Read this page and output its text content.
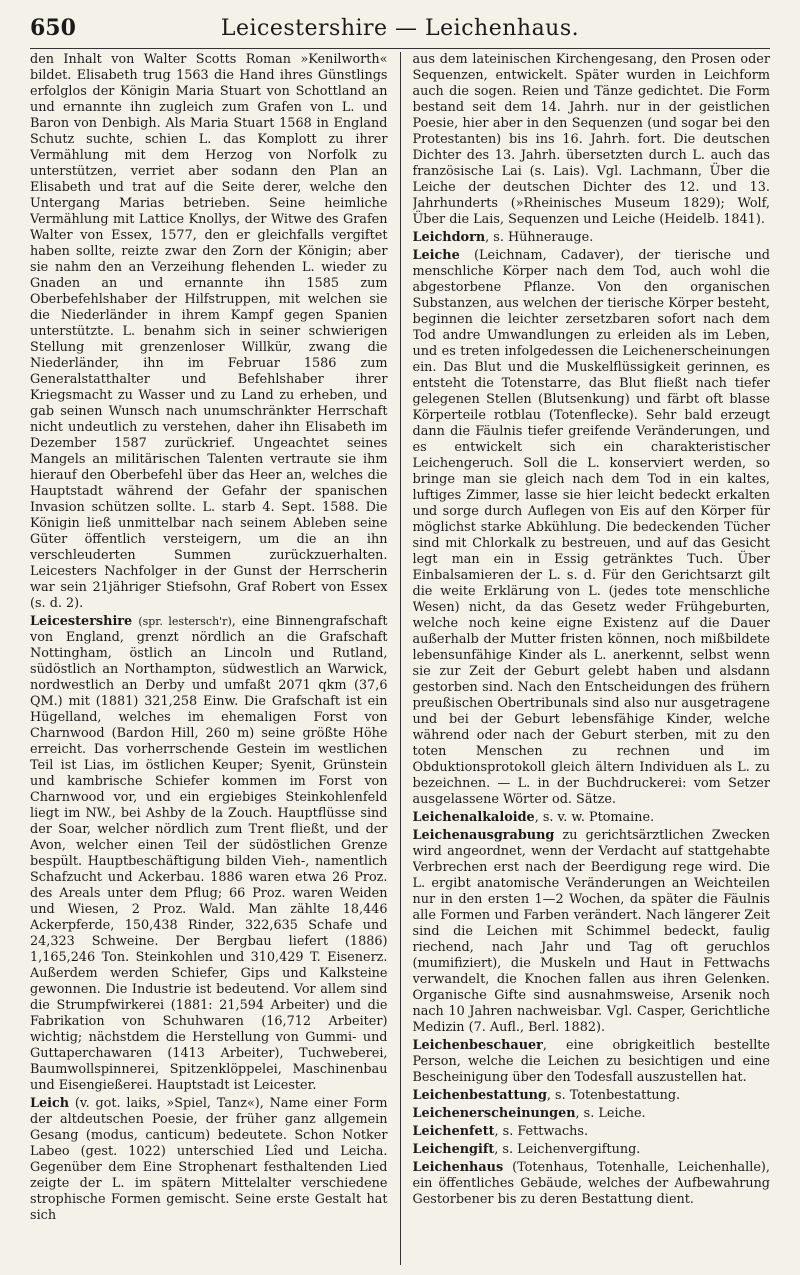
650	Leicestershire — Leichenhaus.

den Inhalt von Walter Scotts Roman »Kenilworth« bildet. Elisabeth trug 1563 die Hand ihres Günstlings erfolglos der Königin Maria Stuart von Schottland an und ernannte ihn zugleich zum Grafen von L. und Baron von Denbigh. Als Maria Stuart 1568 in England Schutz suchte, schien L. das Komplott zu ihrer Vermählung mit dem Herzog von Norfolk zu unterstützen, verriet aber sodann den Plan an Elisabeth und trat auf die Seite derer, welche den Untergang Marias betrieben. Seine heimliche Vermählung mit Lattice Knollys, der Witwe des Grafen Walter von Essex, 1577, den er gleichfalls vergiftet haben sollte, reizte zwar den Zorn der Königin; aber sie nahm den an Verzeihung flehenden L. wieder zu Gnaden an und ernannte ihn 1585 zum Oberbefehlshaber der Hilfstruppen, mit welchen sie die Niederländer in ihrem Kampf gegen Spanien unterstützte. L. benahm sich in seiner schwierigen Stellung mit grenzenloser Willkür, zwang die Niederländer, ihn im Februar 1586 zum Generalstatthalter und Befehlshaber ihrer Kriegsmacht zu Wasser und zu Land zu erheben, und gab seinen Wunsch nach unumschränkter Herrschaft nicht undeutlich zu verstehen, daher ihn Elisabeth im Dezember 1587 zurückrief. Ungeachtet seines Mangels an militärischen Talenten vertraute sie ihm hierauf den Oberbefehl über das Heer an, welches die Hauptstadt während der Gefahr der spanischen Invasion schützen sollte. L. starb 4. Sept. 1588. Die Königin ließ unmittelbar nach seinem Ableben seine Güter öffentlich versteigern, um die an ihn verschleuderten Summen zurückzuerhalten. Leicesters Nachfolger in der Gunst der Herrscherin war sein 21jähriger Stiefsohn, Graf Robert von Essex (s. d. 2).

Leicestershire (spr. lestersch'r), eine Binnengrafschaft von England, grenzt nördlich an die Grafschaft Nottingham, östlich an Lincoln und Rutland, südöstlich an Northampton, südwestlich an Warwick, nordwestlich an Derby und umfaßt 2071 qkm (37,6 QM.) mit (1881) 321,258 Einw. Die Grafschaft ist ein Hügelland, welches im ehemaligen Forst von Charnwood (Bardon Hill, 260 m) seine größte Höhe erreicht. Das vorherrschende Gestein im westlichen Teil ist Lias, im östlichen Keuper; Syenit, Grünstein und kambrische Schiefer kommen im Forst von Charnwood vor, und ein ergiebiges Steinkohlenfeld liegt im NW., bei Ashby de la Zouch. Hauptflüsse sind der Soar, welcher nördlich zum Trent fließt, und der Avon, welcher einen Teil der südöstlichen Grenze bespült. Hauptbeschäftigung bilden Vieh-, namentlich Schafzucht und Ackerbau. 1886 waren etwa 26 Proz. des Areals unter dem Pflug; 66 Proz. waren Weiden und Wiesen, 2 Proz. Wald. Man zählte 18,446 Ackerpferde, 150,438 Rinder, 322,635 Schafe und 24,323 Schweine. Der Bergbau liefert (1886) 1,165,246 Ton. Steinkohlen und 310,429 T. Eisenerz. Außerdem werden Schiefer, Gips und Kalksteine gewonnen. Die Industrie ist bedeutend. Vor allem sind die Strumpfwirkerei (1881: 21,594 Arbeiter) und die Fabrikation von Schuhwaren (16,712 Arbeiter) wichtig; nächstdem die Herstellung von Gummi- und Guttaperchawaren (1413 Arbeiter), Tuchweberei, Baumwollspinnerei, Spitzenklöppelei, Maschinenbau und Eisengießerei. Hauptstadt ist Leicester.

Leich (v. got. laiks, »Spiel, Tanz«), Name einer Form der altdeutschen Poesie, der früher ganz allgemein Gesang (modus, canticum) bedeutete. Schon Notker Labeo (gest. 1022) unterschied Lîed und Leicha. Gegenüber dem Eine Strophenart festhaltenden Lied zeigte der L. im spätern Mittelalter verschiedene strophische Formen gemischt. Seine erste Gestalt hat sich

aus dem lateinischen Kirchengesang, den Prosen oder Sequenzen, entwickelt. Später wurden in Leichform auch die sogen. Reien und Tänze gedichtet. Die Form bestand seit dem 14. Jahrh. nur in der geistlichen Poesie, hier aber in den Sequenzen (und sogar bei den Protestanten) bis ins 16. Jahrh. fort. Die deutschen Dichter des 13. Jahrh. übersetzten durch L. auch das französische Lai (s. Lais). Vgl. Lachmann, Über die Leiche der deutschen Dichter des 12. und 13. Jahrhunderts (»Rheinisches Museum 1829); Wolf, Über die Lais, Sequenzen und Leiche (Heidelb. 1841).

Leichdorn, s. Hühnerauge.

Leiche (Leichnam, Cadaver), der tierische und menschliche Körper nach dem Tod, auch wohl die abgestorbene Pflanze. Von den organischen Substanzen, aus welchen der tierische Körper besteht, beginnen die leichter zersetzbaren sofort nach dem Tod andre Umwandlungen zu erleiden als im Leben, und es treten infolgedessen die Leichenerscheinungen ein. Das Blut und die Muskelflüssigkeit gerinnen, es entsteht die Totenstarre, das Blut fließt nach tiefer gelegenen Stellen (Blutsenkung) und färbt oft blasse Körperteile rotblau (Totenflecke). Sehr bald erzeugt dann die Fäulnis tiefer greifende Veränderungen, und es entwickelt sich ein charakteristischer Leichengeruch. Soll die L. konserviert werden, so bringe man sie gleich nach dem Tod in ein kaltes, luftiges Zimmer, lasse sie hier leicht bedeckt erkalten und sorge durch Auflegen von Eis auf den Körper für möglichst starke Abkühlung. Die bedeckenden Tücher sind mit Chlorkalk zu bestreuen, und auf das Gesicht legt man ein in Essig getränktes Tuch. Über Einbalsamieren der L. s. d. Für den Gerichtsarzt gilt die weite Erklärung von L. (jedes tote menschliche Wesen) nicht, da das Gesetz weder Frühgeburten, welche noch keine eigne Existenz auf die Dauer außerhalb der Mutter fristen können, noch mißbildete lebensunfähige Kinder als L. anerkennt, selbst wenn sie zur Zeit der Geburt gelebt haben und alsdann gestorben sind. Nach den Entscheidungen des frühern preußischen Obertribunals sind also nur ausgetragene und bei der Geburt lebensfähige Kinder, welche während oder nach der Geburt sterben, mit zu den toten Menschen zu rechnen und im Obduktionsprotokoll gleich ältern Individuen als L. zu bezeichnen. — L. in der Buchdruckerei: vom Setzer ausgelassene Wörter od. Sätze.

Leichenalkaloide, s. v. w. Ptomaine.

Leichenausgrabung zu gerichtsärztlichen Zwecken wird angeordnet, wenn der Verdacht auf stattgehabte Verbrechen erst nach der Beerdigung rege wird. Die L. ergibt anatomische Veränderungen an Weichteilen nur in den ersten 1—2 Wochen, da später die Fäulnis alle Formen und Farben verändert. Nach längerer Zeit sind die Leichen mit Schimmel bedeckt, faulig riechend, nach Jahr und Tag oft geruchlos (mumifiziert), die Muskeln und Haut in Fettwachs verwandelt, die Knochen fallen aus ihren Gelenken. Organische Gifte sind ausnahmsweise, Arsenik noch nach 10 Jahren nachweisbar. Vgl. Casper, Gerichtliche Medizin (7. Aufl., Berl. 1882).

Leichenbeschauer, eine obrigkeitlich bestellte Person, welche die Leichen zu besichtigen und eine Bescheinigung über den Todesfall auszustellen hat.

Leichenbestattung, s. Totenbestattung.

Leichenerscheinungen, s. Leiche.

Leichenfett, s. Fettwachs.

Leichengift, s. Leichenvergiftung.

Leichenhaus (Totenhaus, Totenhalle, Leichenhalle), ein öffentliches Gebäude, welches der Aufbewahrung Gestorbener bis zu deren Bestattung dient.
